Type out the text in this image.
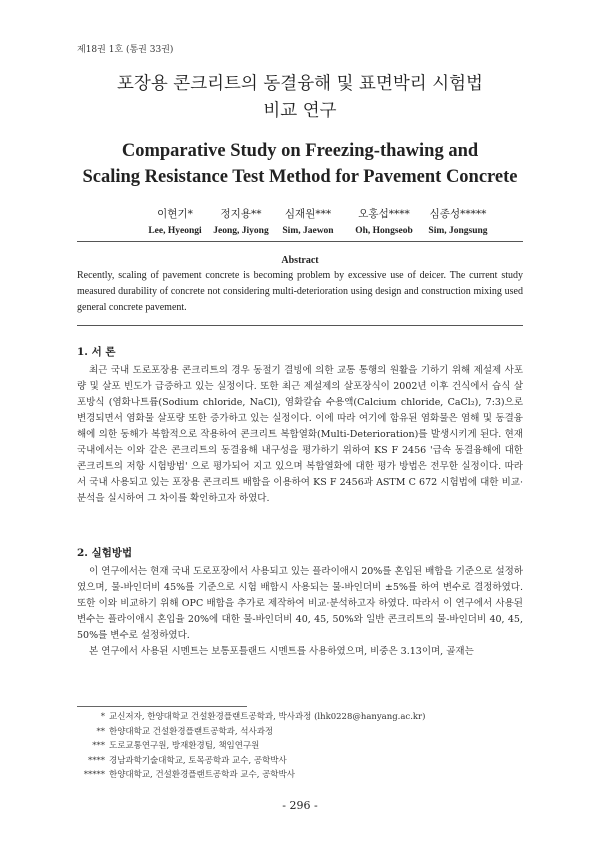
제18권 1호 (통권 33권)
포장용 콘크리트의 동결융해 및 표면박리 시험법
비교 연구
Comparative Study on Freezing-thawing and
Scaling Resistance Test Method for Pavement Concrete
이현기*
Lee, Hyeongi
정지용**
Jeong, Jiyong
심재원***
Sim, Jaewon
오홍섭****
Oh, Hongseob
심종성*****
Sim, Jongsung
Abstract
Recently, scaling of pavement concrete is becoming problem by excessive use of deicer. The current study measured durability of concrete not considering multi-deterioration using design and construction mixing used general concrete pavement.
1. 서 론
최근 국내 도로포장용 콘크리트의 경우 동절기 결빙에 의한 교통 통행의 원활을 기하기 위해 제설제 사포량 및 살포 빈도가 급증하고 있는 실정이다. 또한 최근 제설제의 살포장식이 2002년 이후 건식에서 습식 살포방식 (염화나트륨(Sodium chloride, NaCl), 염화칼슘 수용액(Calcium chloride, CaCl₂), 7:3)으로 변경되면서 염화물 살포량 또한 증가하고 있는 실정이다. 이에 따라 여기에 함유된 염화물은 염해 및 동결융해에 의한 동해가 복합적으로 작용하여 콘크리트 복합열화(Multi-Deterioration)를 발생시키게 된다. 현재 국내에서는 이와 같은 콘크리트의 동결융해 내구성을 평가하기 위하여 KS F 2456 '급속 동결융해에 대한 콘크리트의 저항 시험방법' 으로 평가되어 지고 있으며 복합열화에 대한 평가 방법은 전무한 실정이다. 따라서 국내 사용되고 있는 포장용 콘크리트 배합을 이용하여 KS F 2456과 ASTM C 672 시험법에 대한 비교·분석을 실시하여 그 차이를 확인하고자 하였다.
2. 실험방법
이 연구에서는 현재 국내 도로포장에서 사용되고 있는 플라이애시 20%를 혼입된 배합을 기준으로 설정하였으며, 물-바인더비 45%를 기준으로 시험 배합시 사용되는 물-바인더비 ±5%를 하여 변수로 결정하였다. 또한 이와 비교하기 위해 OPC 배합을 추가로 제작하여 비교·분석하고자 하였다. 따라서 이 연구에서 사용된 변수는 플라이애시 혼입율 20%에 대한 물-바인더비 40, 45, 50%와 일반 콘크리트의 물-바인더비 40, 45, 50%를 변수로 설정하였다.
본 연구에서 사용된 시멘트는 보통포틀랜드 시멘트를 사용하였으며, 비중은 3.13이며, 골재는
* 교신저자, 한양대학교 건설환경플랜트공학과, 박사과정 (lhk0228@hanyang.ac.kr)
** 한양대학교 건설환경플랜트공학과, 석사과정
*** 도로교통연구원, 방재환경팀, 책임연구원
**** 경남과학기술대학교, 토목공학과 교수, 공학박사
***** 한양대학교, 건설환경플랜트공학과 교수, 공학박사
- 296 -
